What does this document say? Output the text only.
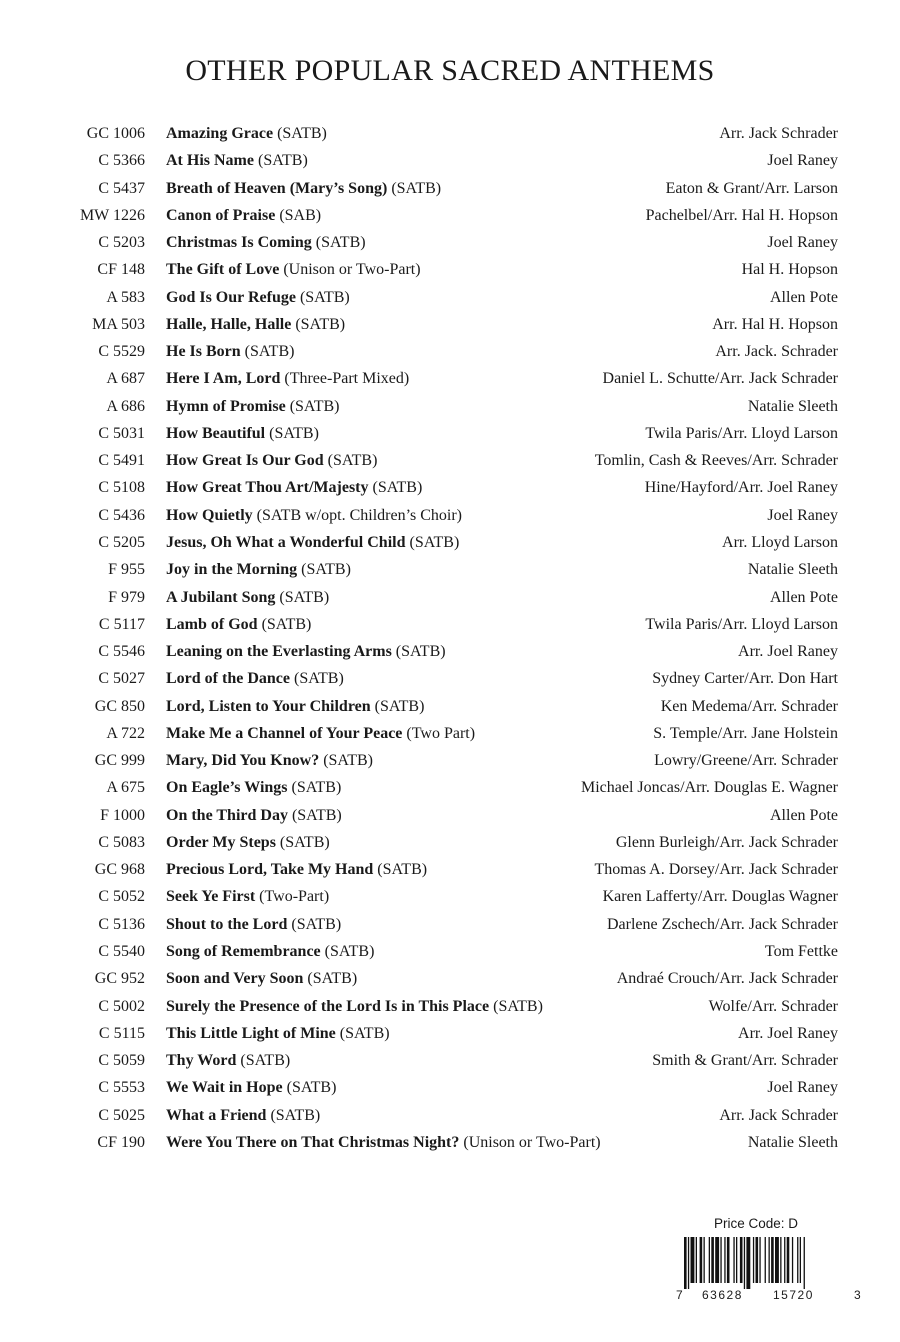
OTHER POPULAR SACRED ANTHEMS
GC 1006 Amazing Grace (SATB)	Arr. Jack Schrader
C 5366 At His Name (SATB)	Joel Raney
C 5437 Breath of Heaven (Mary’s Song) (SATB)	Eaton & Grant/Arr. Larson
MW 1226 Canon of Praise (SAB)	Pachelbel/Arr. Hal H. Hopson
C 5203 Christmas Is Coming (SATB)	Joel Raney
CF 148 The Gift of Love (Unison or Two-Part)	Hal H. Hopson
A 583 God Is Our Refuge (SATB)	Allen Pote
MA 503 Halle, Halle, Halle (SATB)	Arr. Hal H. Hopson
C 5529 He Is Born (SATB)	Arr. Jack. Schrader
A 687 Here I Am, Lord (Three-Part Mixed)	Daniel L. Schutte/Arr. Jack Schrader
A 686 Hymn of Promise (SATB)	Natalie Sleeth
C 5031 How Beautiful (SATB)	Twila Paris/Arr. Lloyd Larson
C 5491 How Great Is Our God (SATB)	Tomlin, Cash & Reeves/Arr. Schrader
C 5108 How Great Thou Art/Majesty (SATB)	Hine/Hayford/Arr. Joel Raney
C 5436 How Quietly (SATB w/opt. Children’s Choir)	Joel Raney
C 5205 Jesus, Oh What a Wonderful Child (SATB)	Arr. Lloyd Larson
F 955 Joy in the Morning (SATB)	Natalie Sleeth
F 979 A Jubilant Song (SATB)	Allen Pote
C 5117 Lamb of God (SATB)	Twila Paris/Arr. Lloyd Larson
C 5546 Leaning on the Everlasting Arms (SATB)	Arr. Joel Raney
C 5027 Lord of the Dance (SATB)	Sydney Carter/Arr. Don Hart
GC 850 Lord, Listen to Your Children (SATB)	Ken Medema/Arr. Schrader
A 722 Make Me a Channel of Your Peace (Two Part)	S. Temple/Arr. Jane Holstein
GC 999 Mary, Did You Know? (SATB)	Lowry/Greene/Arr. Schrader
A 675 On Eagle’s Wings (SATB)	Michael Joncas/Arr. Douglas E. Wagner
F 1000 On the Third Day (SATB)	Allen Pote
C 5083 Order My Steps (SATB)	Glenn Burleigh/Arr. Jack Schrader
GC 968 Precious Lord, Take My Hand (SATB)	Thomas A. Dorsey/Arr. Jack Schrader
C 5052 Seek Ye First (Two-Part)	Karen Lafferty/Arr. Douglas Wagner
C 5136 Shout to the Lord (SATB)	Darlene Zschech/Arr. Jack Schrader
C 5540 Song of Remembrance (SATB)	Tom Fettke
GC 952 Soon and Very Soon (SATB)	Andraé Crouch/Arr. Jack Schrader
C 5002 Surely the Presence of the Lord Is in This Place (SATB)	Wolfe/Arr. Schrader
C 5115 This Little Light of Mine (SATB)	Arr. Joel Raney
C 5059 Thy Word (SATB)	Smith & Grant/Arr. Schrader
C 5553 We Wait in Hope (SATB)	Joel Raney
C 5025 What a Friend (SATB)	Arr. Jack Schrader
CF 190 Were You There on That Christmas Night? (Unison or Two-Part)	Natalie Sleeth
Price Code: D
7 63628	15720	3
